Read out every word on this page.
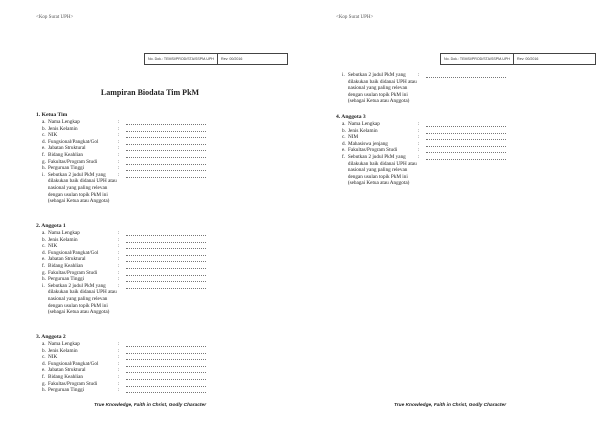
<Kop Surat UPH>
No. Dok.: TEMSI/PROD/STA/SSPM-UPH	Rev: 00/2016
Lampiran Biodata Tim PkM
1. Ketua Tim
a. Nama Lengkap	:
b. Jenis Kelamin	:
c. NIK	:
d. Fungsional/Pangkat/Gol	:
e. Jabatan Struktural	:
f. Bidang Keahlian	:
g. Fakultas/Program Studi	:
h. Perguruan Tinggi	:
i. Sebutkan 2 judul PkM yang dilakukan baik didanai UPH atau nasional yang paling relevan dengan usulan topik PkM ini (sebagai Ketua atau Anggota)
:
2. Anggota 1
a. Nama Lengkap	:
b. Jenis Kelamin	:
c. NIK	:
d. Fungsional/Pangkat/Gol	:
e. Jabatan Struktural	:
f. Bidang Keahlian	:
g. Fakultas/Program Studi	:
h. Perguruan Tinggi	:
i. Sebutkan 2 judul PkM yang dilakukan baik didanai UPH atau nasional yang paling relevan dengan usulan topik PkM ini (sebagai Ketua atau Anggota)
:
3. Anggota 2
a. Nama Lengkap	:
b. Jenis Kelamin	:
c. NIK	:
d. Fungsional/Pangkat/Gol	:
e. Jabatan Struktural	:
f. Bidang Keahlian	:
g. Fakultas/Program Studi	:
h. Perguruan Tinggi	:
True Knowledge, Faith in Christ, Godly Character
<Kop Surat UPH>
No. Dok.: TEMSI/PROD/STA/SSPM-UPH	Rev: 00/2016
i. Sebutkan 2 judul PkM yang dilakukan baik didanai UPH atau nasional yang paling relevan dengan usulan topik PkM ini (sebagai Ketua atau Anggota)
:
4. Anggota 3
a. Nama Lengkap	:
b. Jenis Kelamin	:
c. NIM	:
d. Mahasiswa jenjang	:
e. Fakultas/Program Studi	:
f. Sebutkan 2 judul PkM yang dilakukan baik didanai UPH atau nasional yang paling relevan dengan usulan topik PkM ini (sebagai Ketua atau Anggota)
:
True Knowledge, Faith in Christ, Godly Character
